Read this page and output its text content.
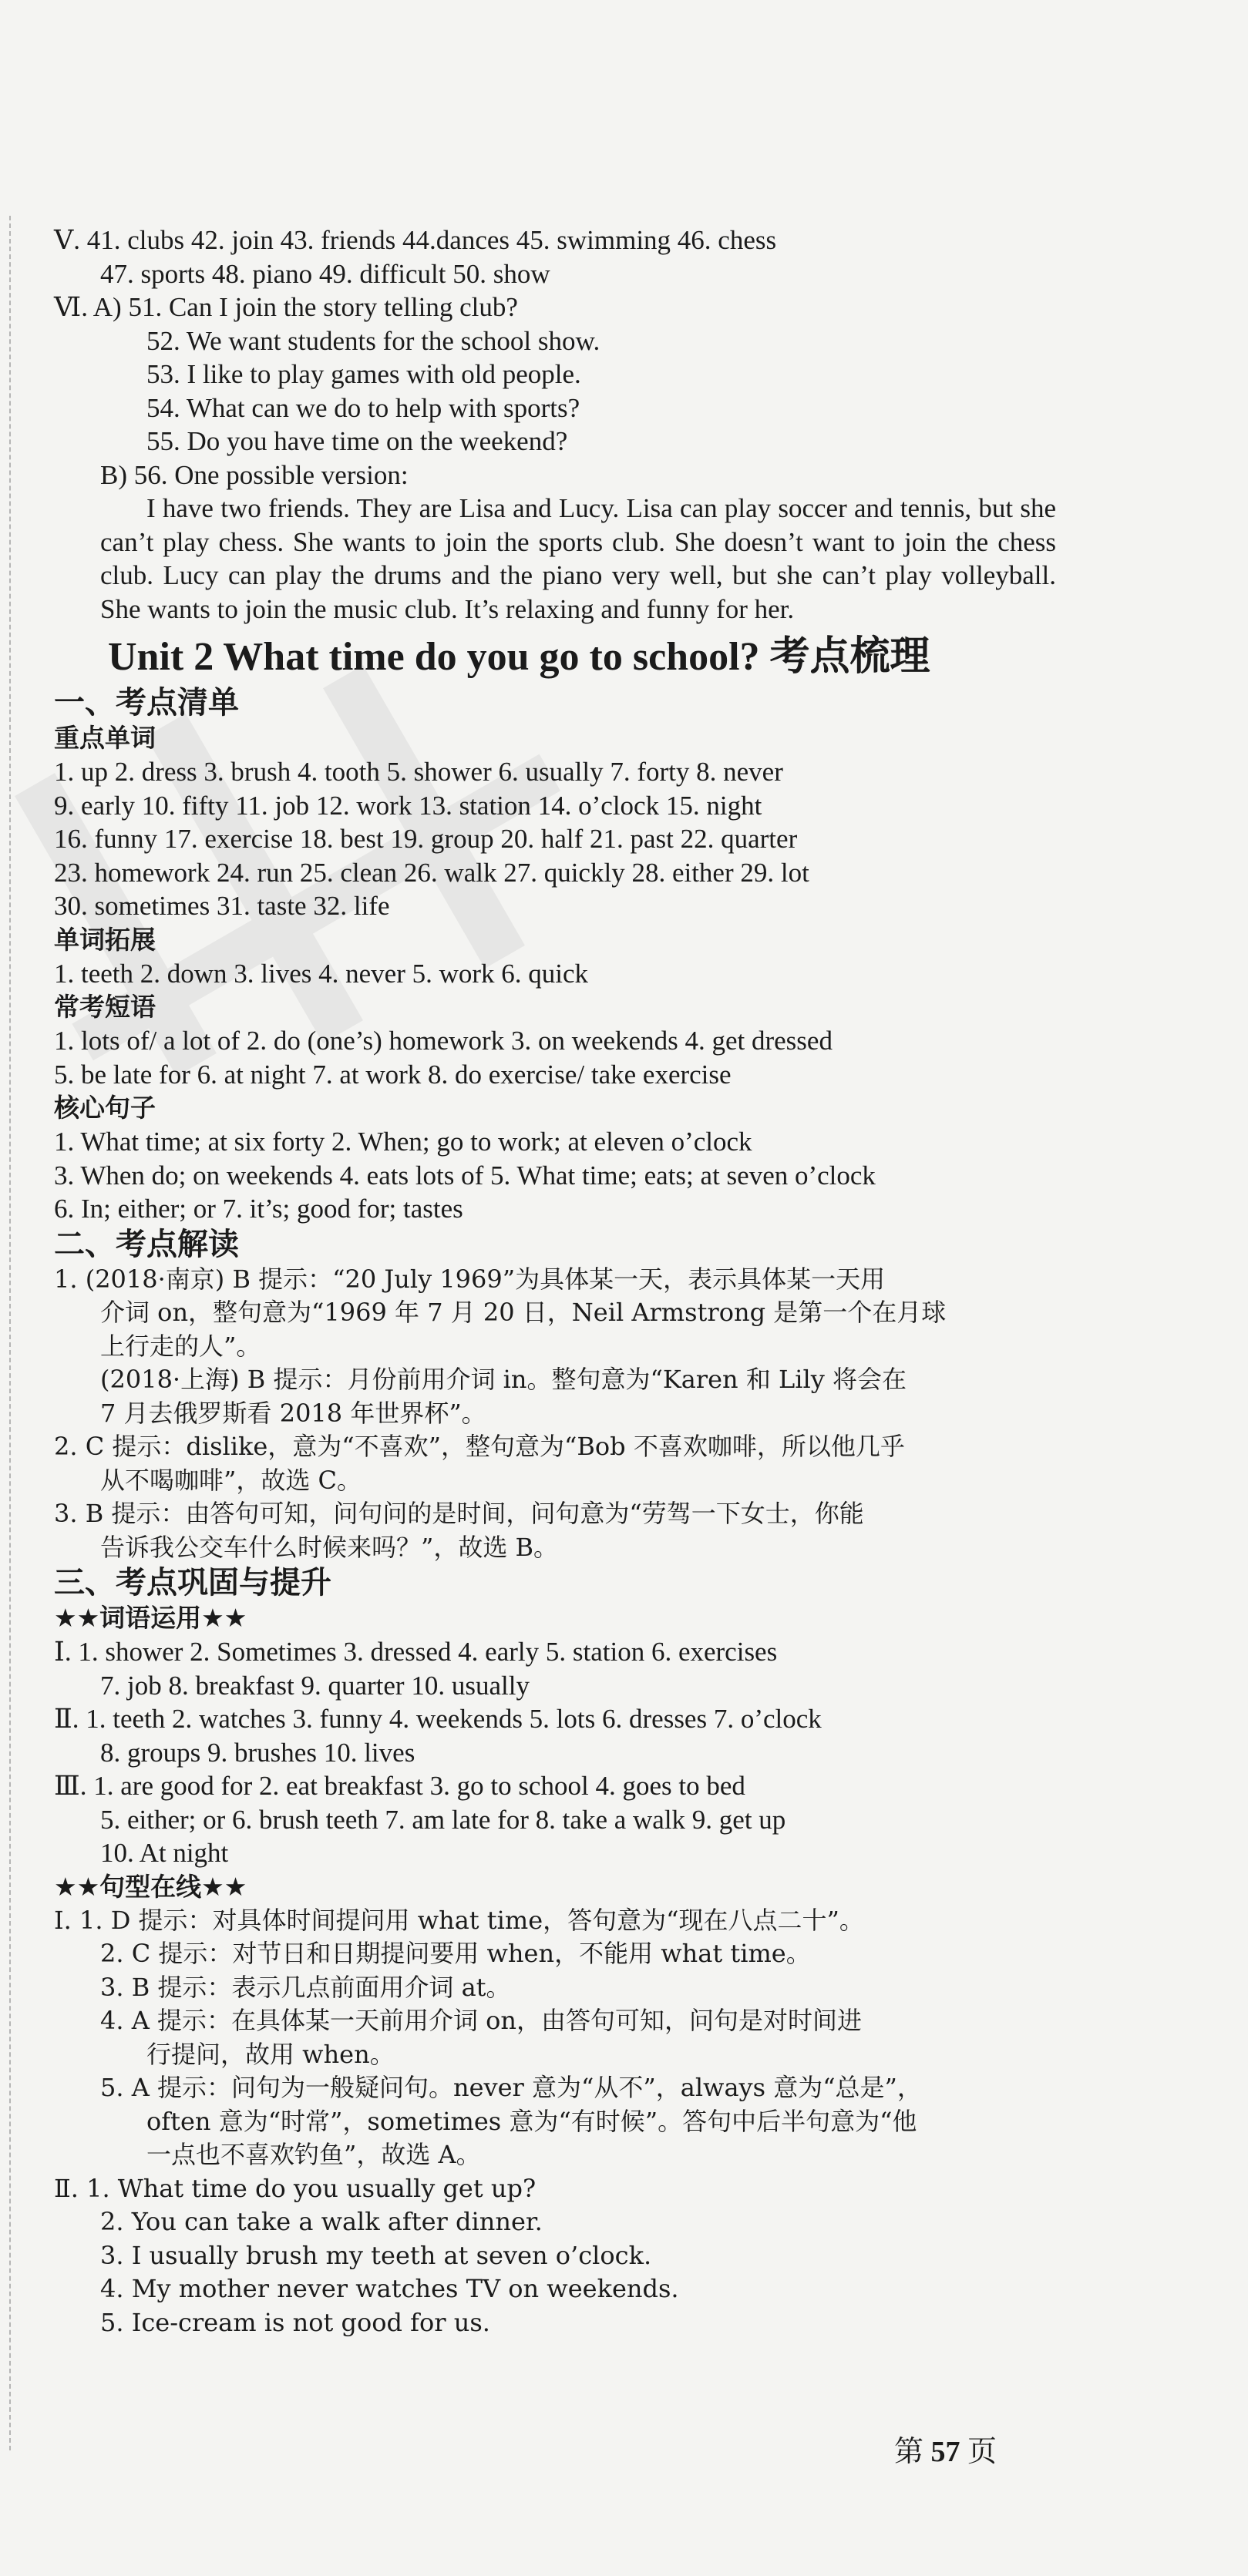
Ⅴ. 41. clubs 42. join 43. friends 44.dances 45. swimming 46. chess
47. sports 48. piano 49. difficult 50. show
Ⅵ. A) 51. Can I join the story telling club?
52. We want students for the school show.
53. I like to play games with old people.
54. What can we do to help with sports?
55. Do you have time on the weekend?
B) 56. One possible version:
I have two friends. They are Lisa and Lucy. Lisa can play soccer and tennis, but she can’t play chess. She wants to join the sports club. She doesn’t want to join the chess club. Lucy can play the drums and the piano very well, but she can’t play volleyball. She wants to join the music club. It’s relaxing and funny for her.
Unit 2 What time do you go to school? 考点梳理
一、考点清单
重点单词
1. up 2. dress 3. brush 4. tooth 5. shower 6. usually 7. forty 8. never
9. early 10. fifty 11. job 12. work 13. station 14. o’clock 15. night
16. funny 17. exercise 18. best 19. group 20. half 21. past 22. quarter
23. homework 24. run 25. clean 26. walk 27. quickly 28. either 29. lot
30. sometimes 31. taste 32. life
单词拓展
1. teeth 2. down 3. lives 4. never 5. work 6. quick
常考短语
1. lots of/ a lot of 2. do (one’s) homework 3. on weekends 4. get dressed
5. be late for 6. at night 7. at work 8. do exercise/ take exercise
核心句子
1. What time; at six forty 2. When; go to work; at eleven o’clock
3. When do; on weekends 4. eats lots of 5. What time; eats; at seven o’clock
6. In; either; or 7. it’s; good for; tastes
二、考点解读
1. (2018·南京) B 提示：“20 July 1969”为具体某一天，表示具体某一天用
介词 on，整句意为“1969 年 7 月 20 日，Neil Armstrong 是第一个在月球
上行走的人”。
(2018·上海) B 提示：月份前用介词 in。整句意为“Karen 和 Lily 将会在
7 月去俄罗斯看 2018 年世界杯”。
2. C 提示：dislike，意为“不喜欢”，整句意为“Bob 不喜欢咖啡，所以他几乎
从不喝咖啡”，故选 C。
3. B 提示：由答句可知，问句问的是时间，问句意为“劳驾一下女士，你能
告诉我公交车什么时候来吗？”，故选 B。
三、考点巩固与提升
★★词语运用★★
Ⅰ. 1. shower 2. Sometimes 3. dressed 4. early 5. station 6. exercises
7. job 8. breakfast 9. quarter 10. usually
Ⅱ. 1. teeth 2. watches 3. funny 4. weekends 5. lots 6. dresses 7. o’clock
8. groups 9. brushes 10. lives
Ⅲ. 1. are good for 2. eat breakfast 3. go to school 4. goes to bed
5. either; or 6. brush teeth 7. am late for 8. take a walk 9. get up
10. At night
★★句型在线★★
Ⅰ. 1. D 提示：对具体时间提问用 what time，答句意为“现在八点二十”。
2. C 提示：对节日和日期提问要用 when，不能用 what time。
3. B 提示：表示几点前面用介词 at。
4. A 提示：在具体某一天前用介词 on，由答句可知，问句是对时间进
行提问，故用 when。
5. A 提示：问句为一般疑问句。never 意为“从不”，always 意为“总是”，
often 意为“时常”，sometimes 意为“有时候”。答句中后半句意为“他
一点也不喜欢钓鱼”，故选 A。
Ⅱ. 1. What time do you usually get up?
2. You can take a walk after dinner.
3. I usually brush my teeth at seven o’clock.
4. My mother never watches TV on weekends.
5. Ice-cream is not good for us.
第 57 页
